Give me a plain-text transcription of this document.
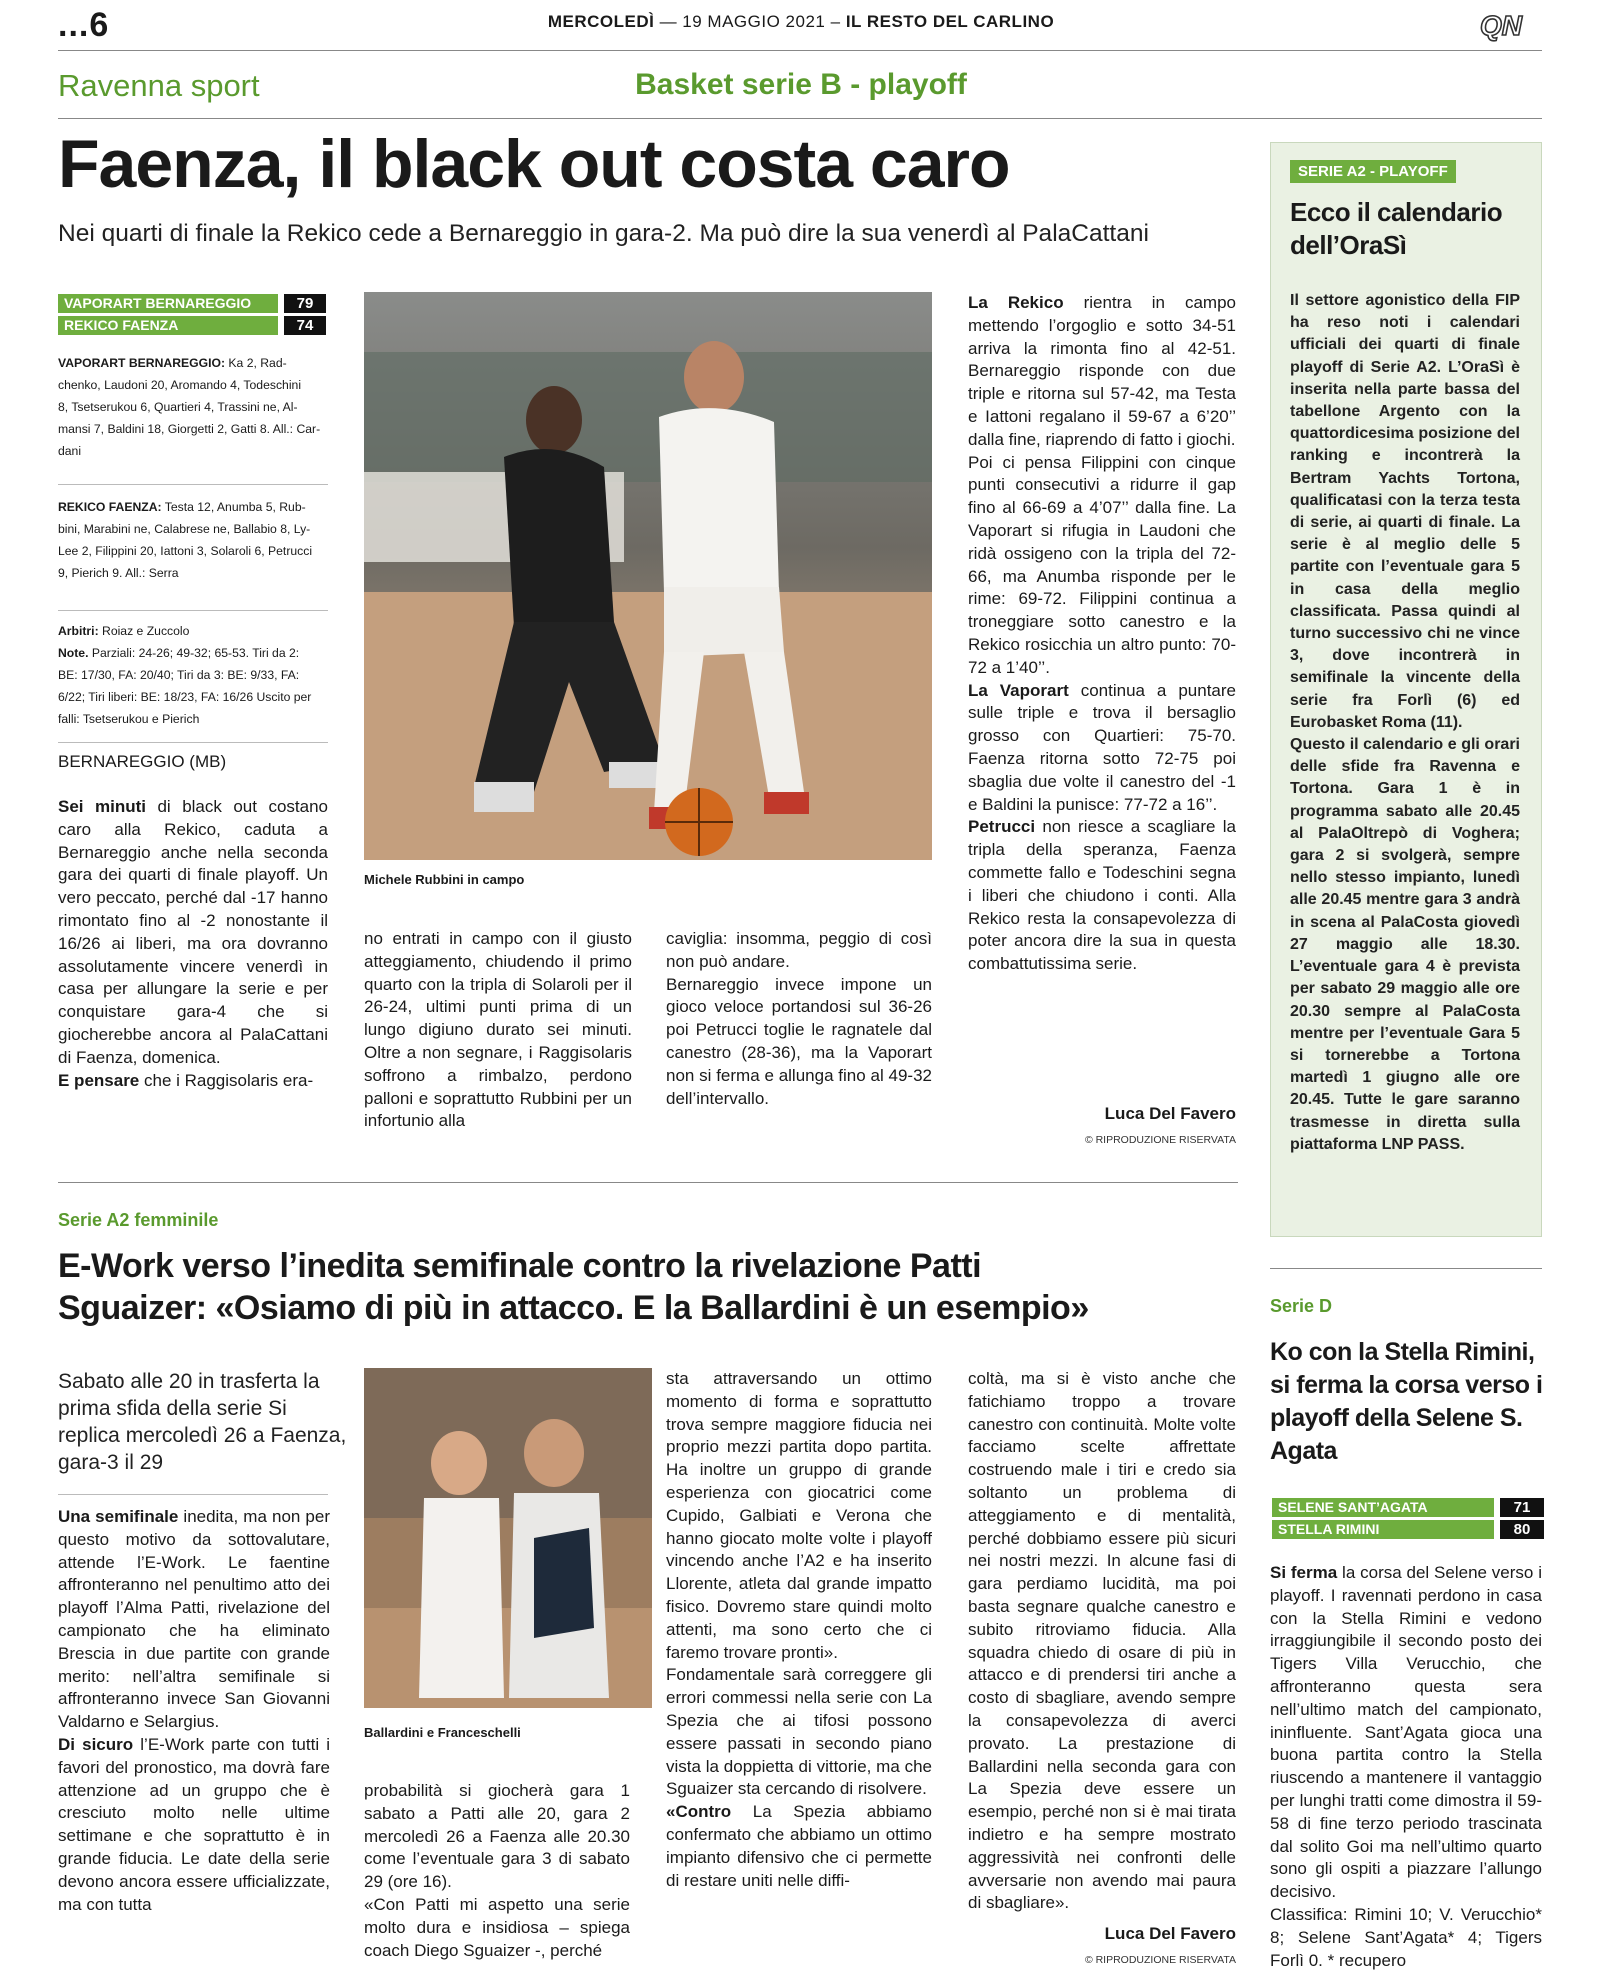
...6	MERCOLEDÌ — 19 MAGGIO 2021 – IL RESTO DEL CARLINO	QN
Ravenna sport	Basket serie B - playoff
Faenza, il black out costa caro
Nei quarti di finale la Rekico cede a Bernareggio in gara-2. Ma può dire la sua venerdì al PalaCattani
VAPORART BERNAREGGIO	79
REKICO FAENZA	74
VAPORART BERNAREGGIO: Ka 2, Rad-
chenko, Laudoni 20, Aromando 4, Todeschini
8, Tsetserukou 6, Quartieri 4, Trassini ne, Al-
mansi 7, Baldini 18, Giorgetti 2, Gatti 8. All.: Car-
dani
REKICO FAENZA: Testa 12, Anumba 5, Rub-
bini, Marabini ne, Calabrese ne, Ballabio 8, Ly-
Lee 2, Filippini 20, Iattoni 3, Solaroli 6, Petrucci
9, Pierich 9. All.: Serra
Arbitri: Roiaz e Zuccolo
Note. Parziali: 24-26; 49-32; 65-53. Tiri da 2:
BE: 17/30, FA: 20/40; Tiri da 3: BE: 9/33, FA:
6/22; Tiri liberi: BE: 18/23, FA: 16/26 Uscito per
falli: Tsetserukou e Pierich
BERNAREGGIO (MB)

Sei minuti di black out costano caro alla Rekico, caduta a Bernareggio anche nella seconda gara dei quarti di finale playoff. Un vero peccato, perché dal -17 hanno rimontato fino al -2 nonostante il 16/26 ai liberi, ma ora dovranno assolutamente vincere venerdì in casa per allungare la serie e per conquistare gara-4 che si giocherebbe ancora al PalaCattani di Faenza, domenica.

E pensare che i Raggisolaris era-

Michele Rubbini in campo

no entrati in campo con il giusto atteggiamento, chiudendo il primo quarto con la tripla di Solaroli per il 26-24, ultimi punti prima di un lungo digiuno durato sei minuti. Oltre a non segnare, i Raggisolaris soffrono a rimbalzo, perdono palloni e soprattutto Rubbini per un infortunio alla

caviglia: insomma, peggio di così non può andare.

Bernareggio invece impone un gioco veloce portandosi sul 36-26 poi Petrucci toglie le ragnatele dal canestro (28-36), ma la Vaporart non si ferma e allunga fino al 49-32 dell’intervallo.

La Rekico rientra in campo mettendo l’orgoglio e sotto 34-51 arriva la rimonta fino al 42-51. Bernareggio risponde con due triple e ritorna sul 57-42, ma Testa e Iattoni regalano il 59-67 a 6’20’’ dalla fine, riaprendo di fatto i giochi.

Poi ci pensa Filippini con cinque punti consecutivi a ridurre il gap fino al 66-69 a 4’07’’ dalla fine. La Vaporart si rifugia in Laudoni che ridà ossigeno con la tripla del 72-66, ma Anumba risponde per le rime: 69-72. Filippini continua a troneggiare sotto canestro e la Rekico rosicchia un altro punto: 70-72 a 1’40’’.

La Vaporart continua a puntare sulle triple e trova il bersaglio grosso con Quartieri: 75-70. Faenza ritorna sotto 72-75 poi sbaglia due volte il canestro del -1 e Baldini la punisce: 77-72 a 16’’.

Petrucci non riesce a scagliare la tripla della speranza, Faenza commette fallo e Todeschini segna i liberi che chiudono i conti. Alla Rekico resta la consapevolezza di poter ancora dire la sua in questa combattutissima serie.

Luca Del Favero
© RIPRODUZIONE RISERVATA
SERIE A2 - PLAYOFF
Ecco il calendario dell’OraSì

Il settore agonistico della FIP ha reso noti i calendari ufficiali dei quarti di finale playoff di Serie A2. L’OraSì è inserita nella parte bassa del tabellone Argento con la quattordicesima posizione del ranking e incontrerà la Bertram Yachts Tortona, qualificatasi con la terza testa di serie, ai quarti di finale. La serie è al meglio delle 5 partite con l’eventuale gara 5 in casa della meglio classificata. Passa quindi al turno successivo chi ne vince 3, dove incontrerà in semifinale la vincente della serie fra Forlì (6) ed Eurobasket Roma (11).

Questo il calendario e gli orari delle sfide fra Ravenna e Tortona. Gara 1 è in programma sabato alle 20.45 al PalaOltrepò di Voghera; gara 2 si svolgerà, sempre nello stesso impianto, lunedì alle 20.45 mentre gara 3 andrà in scena al PalaCosta giovedì 27 maggio alle 18.30. L’eventuale gara 4 è prevista per sabato 29 maggio alle ore 20.30 sempre al PalaCosta mentre per l’eventuale Gara 5 si tornerebbe a Tortona martedì 1 giugno alle ore 20.45. Tutte le gare saranno trasmesse in diretta sulla piattaforma LNP PASS.

Serie A2 femminile
E-Work verso l’inedita semifinale contro la rivelazione Patti
Sguaizer: «Osiamo di più in attacco. E la Ballardini è un esempio»
Sabato alle 20 in trasferta la prima sfida della serie Si replica mercoledì 26 a Faenza, gara-3 il 29

Una semifinale inedita, ma non per questo motivo da sottovalutare, attende l’E-Work. Le faentine affronteranno nel penultimo atto dei playoff l’Alma Patti, rivelazione del campionato che ha eliminato Brescia in due partite con grande merito: nell’altra semifinale si affronteranno invece San Giovanni Valdarno e Selargius.

Di sicuro l’E-Work parte con tutti i favori del pronostico, ma dovrà fare attenzione ad un gruppo che è cresciuto molto nelle ultime settimane e che soprattutto è in grande fiducia. Le date della serie devono ancora essere ufficializzate, ma con tutta

Ballardini e Franceschelli

probabilità si giocherà gara 1 sabato a Patti alle 20, gara 2 mercoledì 26 a Faenza alle 20.30 come l’eventuale gara 3 di sabato 29 (ore 16).

«Con Patti mi aspetto una serie molto dura e insidiosa – spiega coach Diego Sguaizer -, perché

sta attraversando un ottimo momento di forma e soprattutto trova sempre maggiore fiducia nei proprio mezzi partita dopo partita. Ha inoltre un gruppo di grande esperienza con giocatrici come Cupido, Galbiati e Verona che hanno giocato molte volte i playoff vincendo anche l’A2 e ha inserito Llorente, atleta dal grande impatto fisico. Dovremo stare quindi molto attenti, ma sono certo che ci faremo trovare pronti».

Fondamentale sarà correggere gli errori commessi nella serie con La Spezia che ai tifosi possono essere passati in secondo piano vista la doppietta di vittorie, ma che Sguaizer sta cercando di risolvere.

«Contro La Spezia abbiamo confermato che abbiamo un ottimo impianto difensivo che ci permette di restare uniti nelle diffi-

coltà, ma si è visto anche che fatichiamo troppo a trovare canestro con continuità. Molte volte facciamo scelte affrettate costruendo male i tiri e credo sia soltanto un problema di atteggiamento e di mentalità, perché dobbiamo essere più sicuri nei nostri mezzi. In alcune fasi di gara perdiamo lucidità, ma poi basta segnare qualche canestro e subito ritroviamo fiducia. Alla squadra chiedo di osare di più in attacco e di prendersi tiri anche a costo di sbagliare, avendo sempre la consapevolezza di averci provato. La prestazione di Ballardini nella seconda gara con La Spezia deve essere un esempio, perché non si è mai tirata indietro e ha sempre mostrato aggressività nei confronti delle avversarie non avendo mai paura di sbagliare».

Luca Del Favero
© RIPRODUZIONE RISERVATA
Serie D
Ko con la Stella Rimini, si ferma la corsa verso i playoff della Selene S. Agata
SELENE SANT’AGATA	71
STELLA RIMINI	80

Si ferma la corsa del Selene verso i playoff. I ravennati perdono in casa con la Stella Rimini e vedono irraggiungibile il secondo posto dei Tigers Villa Verucchio, che affronteranno questa sera nell’ultimo match del campionato, ininfluente. Sant’Agata gioca una buona partita contro la Stella riuscendo a mantenere il vantaggio per lunghi tratti come dimostra il 59-58 di fine terzo periodo trascinata dal solito Goi ma nell’ultimo quarto sono gli ospiti a piazzare l’allungo decisivo.

Classifica: Rimini 10; V. Verucchio* 8; Selene Sant’Agata* 4; Tigers Forlì 0. * recupero
